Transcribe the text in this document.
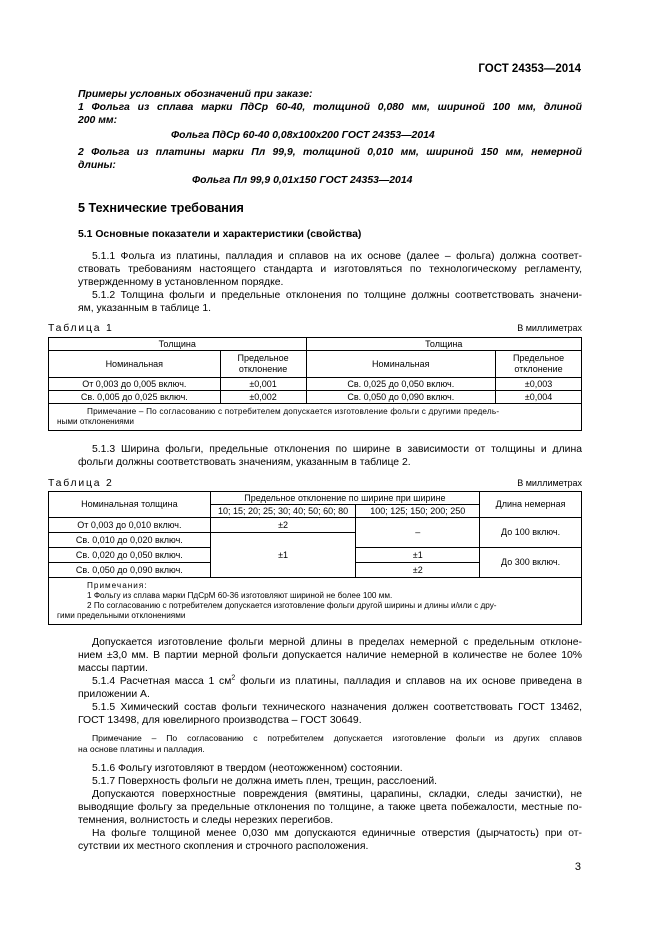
ГОСТ 24353—2014
Примеры условных обозначений при заказе:
1 Фольга из сплава марки ПдСр 60-40, толщиной 0,080 мм, шириной 100 мм, длиной
200 мм:
Фольга ПдСр 60-40 0,08x100x200 ГОСТ 24353—2014
2 Фольга из платины марки Пл 99,9, толщиной 0,010 мм, шириной 150 мм, немерной
длины:
Фольга Пл 99,9 0,01x150 ГОСТ 24353—2014
5 Технические требования
5.1 Основные показатели и характеристики (свойства)
5.1.1 Фольга из платины, палладия и сплавов на их основе (далее – фольга) должна соответ-
ствовать требованиям настоящего стандарта и изготовляться по технологическому регламенту,
утвержденному в установленном порядке.
5.1.2 Толщина фольги и предельные отклонения по толщине должны соответствовать значени-
ям, указанным в таблице 1.
Таблица 1	В миллиметрах
Толщина		Толщина	
Номинальная	Предельное отклонение	Номинальная	Предельное отклонение
От 0,003 до 0,005 включ.	±0,001	Св. 0,025 до 0,050 включ.	±0,003
Св. 0,005 до 0,025 включ.	±0,002	Св. 0,050 до 0,090 включ.	±0,004

Примечание – По согласованию с потребителем допускается изготовление фольги с другими предель-
ными отклонениями			
5.1.3 Ширина фольги, предельные отклонения по ширине в зависимости от толщины и длина
фольги должны соответствовать значениям, указанным в таблице 2.
Таблица 2	В миллиметрах
Номинальная толщина	Предельное отклонение по ширине при ширине		Длина немерная
	10; 15; 20; 25; 30; 40; 50; 60; 80	100; 125; 150; 200; 250	
От 0,003 до 0,010 включ.	±2	–	До 100 включ.
Св. 0,010 до 0,020 включ.	±1		
Св. 0,020 до 0,050 включ.		±1	До 300 включ.
Св. 0,050 до 0,090 включ.		±2	

Примечания:
1 Фольгу из сплава марки ПдСрМ 60-36 изготовляют шириной не более 100 мм.
2 По согласованию с потребителем допускается изготовление фольги другой ширины и длины и/или с дру-
гими предельными отклонениями			
Допускается изготовление фольги мерной длины в пределах немерной с предельным отклоне-
нием ±3,0 мм. В партии мерной фольги допускается наличие немерной в количестве не более 10%
массы партии.
5.1.4 Расчетная масса 1 $см^2$ фольги из платины, палладия и сплавов на их основе приведена в
приложении А.
5.1.5 Химический состав фольги технического назначения должен соответствовать ГОСТ 13462,
ГОСТ 13498, для ювелирного производства – ГОСТ 30649.
Примечание – По согласованию с потребителем допускается изготовление фольги из других сплавов
на основе платины и палладия.
5.1.6 Фольгу изготовляют в твердом (неотожженном) состоянии.
5.1.7 Поверхность фольги не должна иметь плен, трещин, расслоений.
Допускаются поверхностные повреждения (вмятины, царапины, складки, следы зачистки), не
выводящие фольгу за предельные отклонения по толщине, а также цвета побежалости, местные по-
темнения, волнистость и следы нерезких перегибов.
На фольге толщиной менее 0,030 мм допускаются единичные отверстия (дырчатость) при от-
сутствии их местного скопления и строчного расположения.
3
